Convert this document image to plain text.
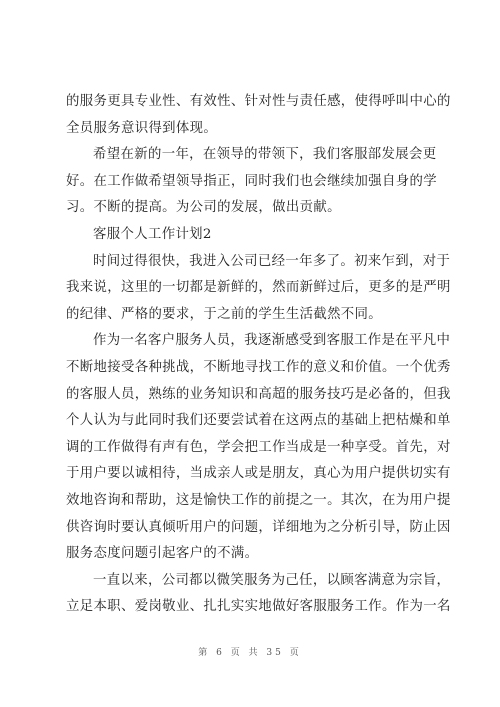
的服务更具专业性、有效性、针对性与责任感，使得呼叫中心的
全员服务意识得到体现。
希望在新的一年，在领导的带领下，我们客服部发展会更
好。在工作做希望领导指正，同时我们也会继续加强自身的学
习。不断的提高。为公司的发展，做出贡献。
客服个人工作计划2
时间过得很快，我进入公司已经一年多了。初来乍到，对于
我来说，这里的一切都是新鲜的，然而新鲜过后，更多的是严明
的纪律、严格的要求，于之前的学生生活截然不同。
作为一名客户服务人员，我逐渐感受到客服工作是在平凡中
不断地接受各种挑战，不断地寻找工作的意义和价值。一个优秀
的客服人员，熟练的业务知识和高超的服务技巧是必备的，但我
个人认为与此同时我们还要尝试着在这两点的基础上把枯燥和单
调的工作做得有声有色，学会把工作当成是一种享受。首先，对
于用户要以诚相待，当成亲人或是朋友，真心为用户提供切实有
效地咨询和帮助，这是愉快工作的前提之一。其次，在为用户提
供咨询时要认真倾听用户的问题，详细地为之分析引导，防止因
服务态度问题引起客户的不满。
一直以来，公司都以微笑服务为己任，以顾客满意为宗旨，
立足本职、爱岗敬业、扎扎实实地做好客服服务工作。作为一名
第 6 页 共 35 页
